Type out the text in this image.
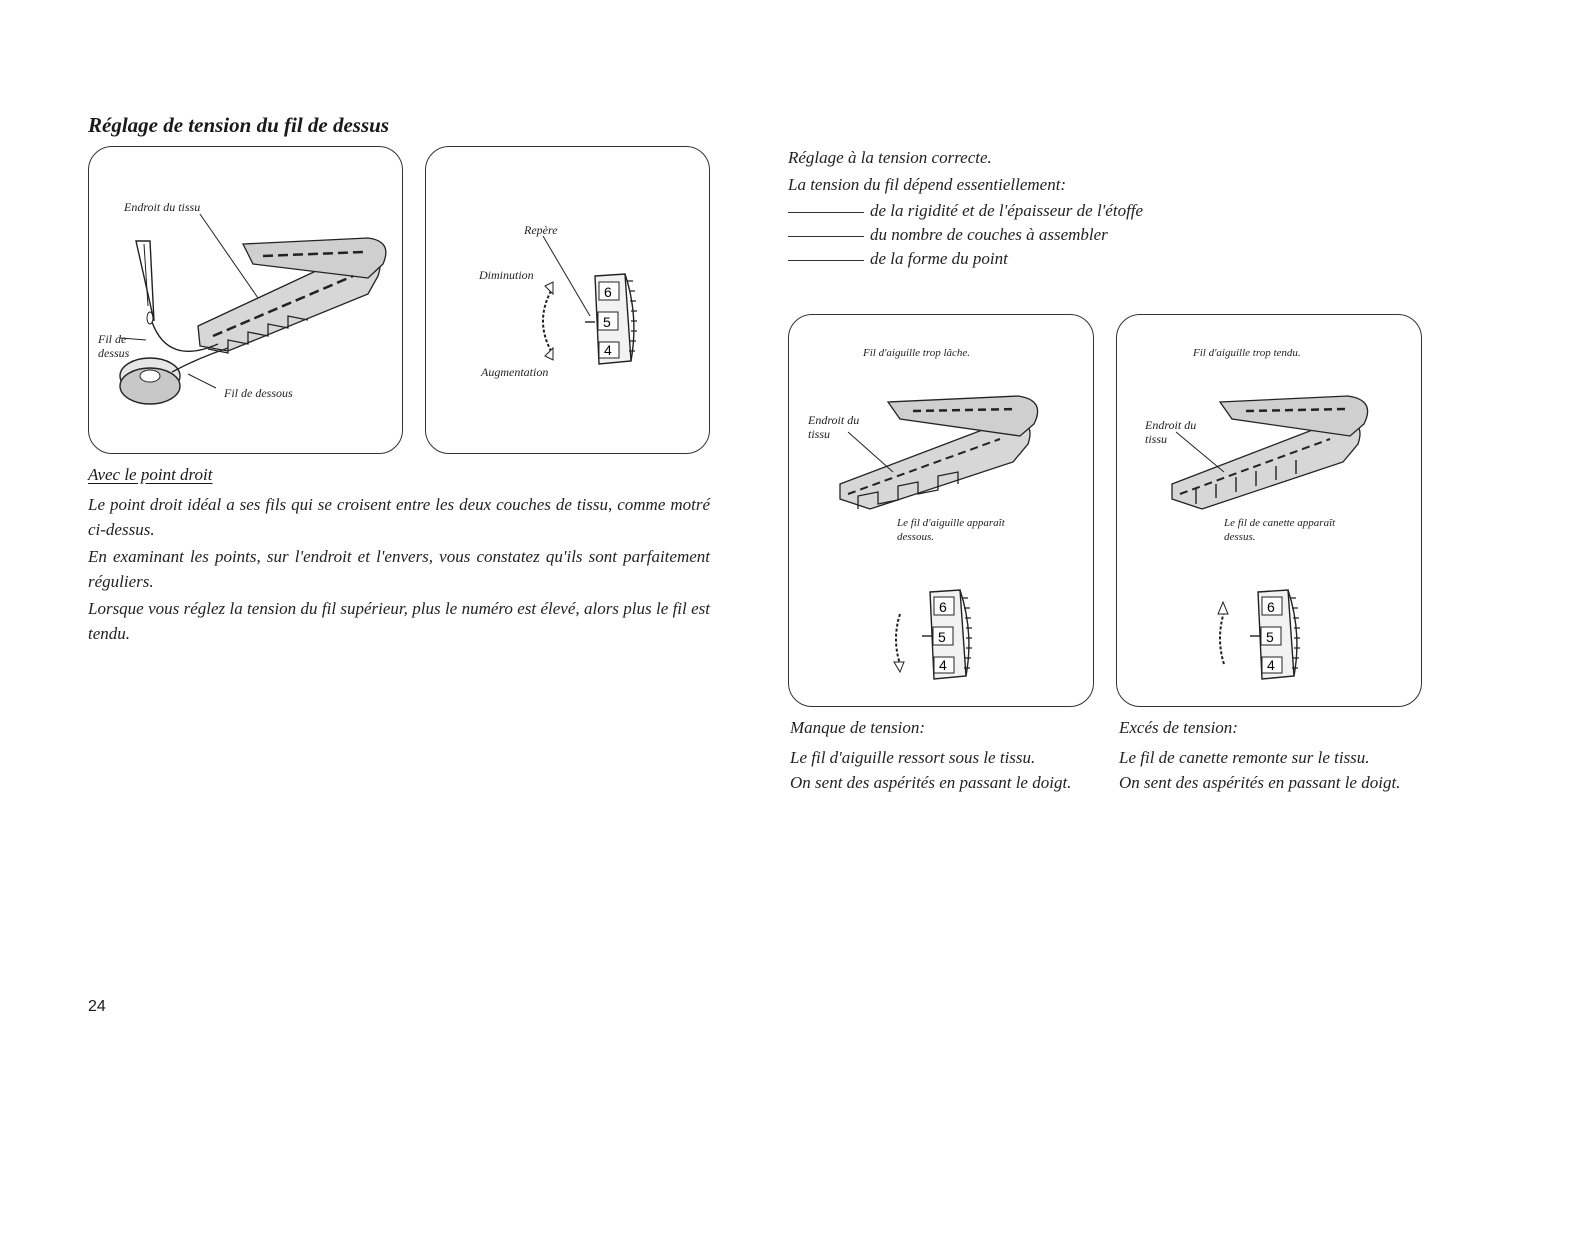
Réglage de tension du fil de dessus
Endroit du tissu
Fil de
dessus
Fil de dessous
6
5
4
Repère
Diminution
Augmentation
Avec le point droit
Le point droit idéal a ses fils qui se croisent entre les deux couches de tissu, comme motré ci-dessus.
En examinant les points, sur l'endroit et l'envers, vous constatez qu'ils sont parfaitement réguliers.
Lorsque vous réglez la tension du fil supérieur, plus le numéro est élevé, alors plus le fil est tendu.
Réglage à la tension correcte.
La tension du fil dépend essentiellement:
de la rigidité et de l'épaisseur de l'étoffe
du nombre de couches à assembler
de la forme du point
Fil d'aiguille trop lâche.
6
5
4
Endroit du
tissu
Le fil d'aiguille apparaît
dessous.
Fil d'aiguille trop tendu.
6
5
4
Endroit du
tissu
Le fil de canette apparaît
dessus.
Manque de tension:
Le fil d'aiguille ressort sous le tissu.
On sent des aspérités en passant le doigt.
Excés de tension:
Le fil de canette remonte sur le tissu.
On sent des aspérités en passant le doigt.
24
